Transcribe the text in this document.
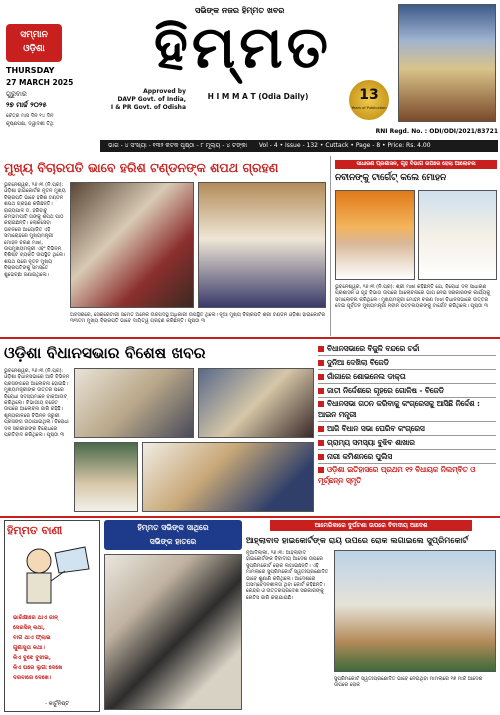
ସମ୍ମାନ
ଓଡ଼ିଶା
THURSDAY
27 MARCH 2025
ଗୁରୁବାର
୨୭ ମାର୍ଚ୍ଚ ୨୦୨୫
ଚୈତ୍ର ମାସ ଦିନ ୧୪ ଦିନ
କୃଷ୍ଣପକ୍ଷ, ଦ୍ୱାଦଶୀ ତିଥି
ସଭିଙ୍କ ନଜର ହିମ୍ମତ ଖବର
ହିମ୍ମତ
H I M M A T (Odia Daily)
Approved by
DAVP Govt. of India,
I & PR Govt. of Odisha
13
Years of Publication
RNI Regd. No. : ODI/ODI/2021/83721
ଭାଗ - ୪ ସଂଖ୍ୟା - ୧୩୨ କଟକ ପୃଷ୍ଠା - ୮ ମୂଲ୍ୟ - ୪ ଟଙ୍କା Vol - 4 • Issue - 132 • Cuttack • Page - 8 • Price: Rs. 4.00
ମୁଖ୍ୟ ବିଚାରପତି ଭାବେ ହରିଶ ଟଣ୍ଡନଙ୍କ ଶପଥ ଗ୍ରହଣ
ଭୁବନେଶ୍ୱର, ୨୬।୩ (ନି.ପ୍ର): ଓଡ଼ିଶା ହାଇକୋର୍ଟର ନୂତନ ମୁଖ୍ୟ ବିଚାରପତି ଭାବେ ହରିଶ ଟଣ୍ଡନ ଶପଥ ଗ୍ରହଣ କରିଛନ୍ତି। ରାଜ୍ୟପାଳ ଡ. ହରିବାବୁ କମ୍ଭମପାଟି ତାଙ୍କୁ ଶପଥ ପାଠ କରାଇଛନ୍ତି। ଲୋକସେବା ଭବନରେ ଆୟୋଜିତ ଏହି ସମାରୋହରେ ମୁଖ୍ୟମନ୍ତ୍ରୀ ମୋହନ ଚରଣ ମାଝୀ, ଉପମୁଖ୍ୟମନ୍ତ୍ରୀ ଏବଂ ବିଭିନ୍ନ ବିଶିଷ୍ଟ ବ୍ୟକ୍ତି ଉପସ୍ଥିତ ଥିଲେ। ଶପଥ ପରେ ନୂତନ ମୁଖ୍ୟ ବିଚାରପତିଙ୍କୁ ସମସ୍ତେ ଶୁଭେଚ୍ଛା ଜଣାଇଥିଲେ।
ଅବସରରେ, ସେକ୍ରେଟାରୀ ସମେତ ଅନେକ ଉଚ୍ଚପଦସ୍ଥ ଅଧିକାରୀ ଉପସ୍ଥିତ ଥିଲେ। ନୂଆ ମୁଖ୍ୟ ବିଚାରପତି ଶ୍ରୀ ଟଣ୍ଡନ ଓଡ଼ିଶା ହାଇକୋର୍ଟର ୩୩ତମ ମୁଖ୍ୟ ବିଚାରପତି ଭାବେ ଦାୟିତ୍ୱ ଗ୍ରହଣ କରିଛନ୍ତି। ପୃଷ୍ଠା ୩
ସାଧାରଣ ପ୍ରଶାସନ, ଗୃହ ବିଭାଗ ଉପରେ ହେଲା ଆଲୋଚନା
ନବୀନଙ୍କୁ ଟାର୍ଗେଟ୍ କଲେ ମୋହନ
ଭୁବନେଶ୍ୱର, ୨୬।୩ (ନି.ପ୍ର): ଶ୍ରୀ ମାଝୀ କହିଛନ୍ତି ଯେ, ବିରୋଧୀ ଦଳ ସାଧାରଣ ପ୍ରଶାସନ ଓ ଗୃହ ବିଭାଗ ଉପରେ ଆଲୋଚନାରେ ଭାଗ ନେଇ ସରକାରଙ୍କ କାର୍ଯ୍ୟକୁ ସମାଲୋଚନା କରିଥିଲେ। ମୁଖ୍ୟମନ୍ତ୍ରୀ ମୋହନ ଚରଣ ମାଝୀ ବିଧାନସଭାରେ ଉତ୍ତର ଦେଇ ପୂର୍ବତନ ମୁଖ୍ୟମନ୍ତ୍ରୀ ନବୀନ ପଟ୍ଟନାୟକଙ୍କୁ ଟାର୍ଗେଟ କରିଥିଲେ। ପୃଷ୍ଠା ୩
ଓଡ଼ିଶା ବିଧାନସଭାର ବିଶେଷ ଖବର
ଭୁବନେଶ୍ୱର, ୨୬।୩ (ନି.ପ୍ର): ଓଡ଼ିଶା ବିଧାନସଭାରେ ଆଜି ବିଭିନ୍ନ ପ୍ରସଙ୍ଗରେ ଆଲୋଚନା ହୋଇଛି। ମୁଖ୍ୟମନ୍ତ୍ରୀଙ୍କ ଉତ୍ତର ପରେ ବିରୋଧୀ ସଦସ୍ୟମାନେ ବାକ୍‌ଆଉଟ୍ କରିଥିଲେ। ବିଭାଗୀୟ ବଜେଟ ଉପରେ ଆଲୋଚନା ଜାରି ରହିଛି। ଶୂନ୍ୟକାଳରେ ବିଭିନ୍ନ ଜରୁରୀ ପ୍ରସଙ୍ଗ ଉଠାଯାଇଥିଲା। ବିରୋଧୀ ଦଳ ସରକାରଙ୍କ ବିରୋଧରେ ପ୍ରତିବାଦ କରିଥିଲେ। ପୃଷ୍ଠା ୩
ବିଧାନସଭାରେ ବିଜୁଳି ବନ୍ଦରେ ଚର୍ଚ୍ଚା
ଦୁନିଆ ଦେଖିଲା ବିଜେଡି
ଗାଁଗାରେ ଶୋଭନେଲ ଡାକ୍ତା
ଜାତୀ ନିର୍ଦ୍ଦେଶରେ ଗୃହରେ ଗୋଳିଷ - ବିଜେଡି
ବିଧାନସଭା ଗଠନ କରିବାକୁ କଂଗ୍ରେସକୁ ଆସିଛି ନିର୍ଦ୍ଦେଶ : ଆଇନ ମନ୍ତ୍ରୀ
ଆଜି ବିଧାନ ସଭା ଘେରିବ କଂଗ୍ରେସ
ଗ୍ରାମ୍ୟ ସମସ୍ୟା ବୁଝିବ ଶାଖାର
ନାରୀ କମିଶନରେ ପୁଲିସ
ଓଡ଼ିଶା ଇତିହାସରେ ପ୍ରଥମ ୧୨ ବିଧାୟକ ନିଲମ୍ବିତ ଓ ମୂର୍ଚ୍ଛନ୍ନ ସ୍ମୃତି
ହିମ୍ମତ ବାଣୀ
ଭାରିକ୍ଷୀରେ ଥାଏ ଜାନ୍
ସେରସିନ୍ କଥା,
ବାଗ ଥାଏ ଫ୍ଲାଇ
ଗୁଣାସୁତା କଥା।
କିଏ ବୁଝେ ବୁଝାଇ,
କିଏ ଘରେ ଲୁଗା ଦେଖେ
ଦରବାରେ ଦେଖେ।
- କାର୍ଟୁନିଷ୍ଟ
ହିମ୍ମତ ସଭିଙ୍କ ସାଥିରେ
ସଭିଙ୍କ ହାତରେ
ଆମେରିକାରେ ଦୁର୍ଘଟଣା ଉପରେ ବିବାଦୀୟ ଆଦେଶ
ଆହ୍ଲାବାଦ ହାଇକୋର୍ଟଙ୍କ ରାୟ ଉପରେ ରୋକ ଲଗାଇଲେ ସୁପ୍ରିମକୋର୍ଟ
ନୂଆଦିଲ୍ଲୀ, ୨୬।୩: ଆହ୍ଲାବାଦ ହାଇକୋର୍ଟଙ୍କ ବିବାଦୀୟ ଆଦେଶ ଉପରେ ସୁପ୍ରିମକୋର୍ଟ ରୋକ ଲଗାଇଛନ୍ତି। ଏହି ମାମଲାରେ ସୁପ୍ରିମକୋର୍ଟ ସ୍ୱତଃପ୍ରଣୋଦିତ ଭାବେ ଶୁଣାଣି କରିଥିଲେ। ଆଦେଶରେ ଅସମ୍ବେଦନଶୀଳତା ଥିବା କୋର୍ଟ କହିଛନ୍ତି। କେନ୍ଦ୍ର ଓ ଉତ୍ତରପ୍ରଦେଶ ସରକାରଙ୍କୁ ନୋଟିସ ଜାରି କରାଯାଇଛି।
ସୁପ୍ରିମକୋର୍ଟ ସ୍ୱତଃପ୍ରଣୋଦିତ ଭାବେ ନେଇଥିବା ମାମଲାରେ ୧୭ ମାର୍ଚ୍ଚ ଆଦେଶ ଉପରେ ରୋକ
